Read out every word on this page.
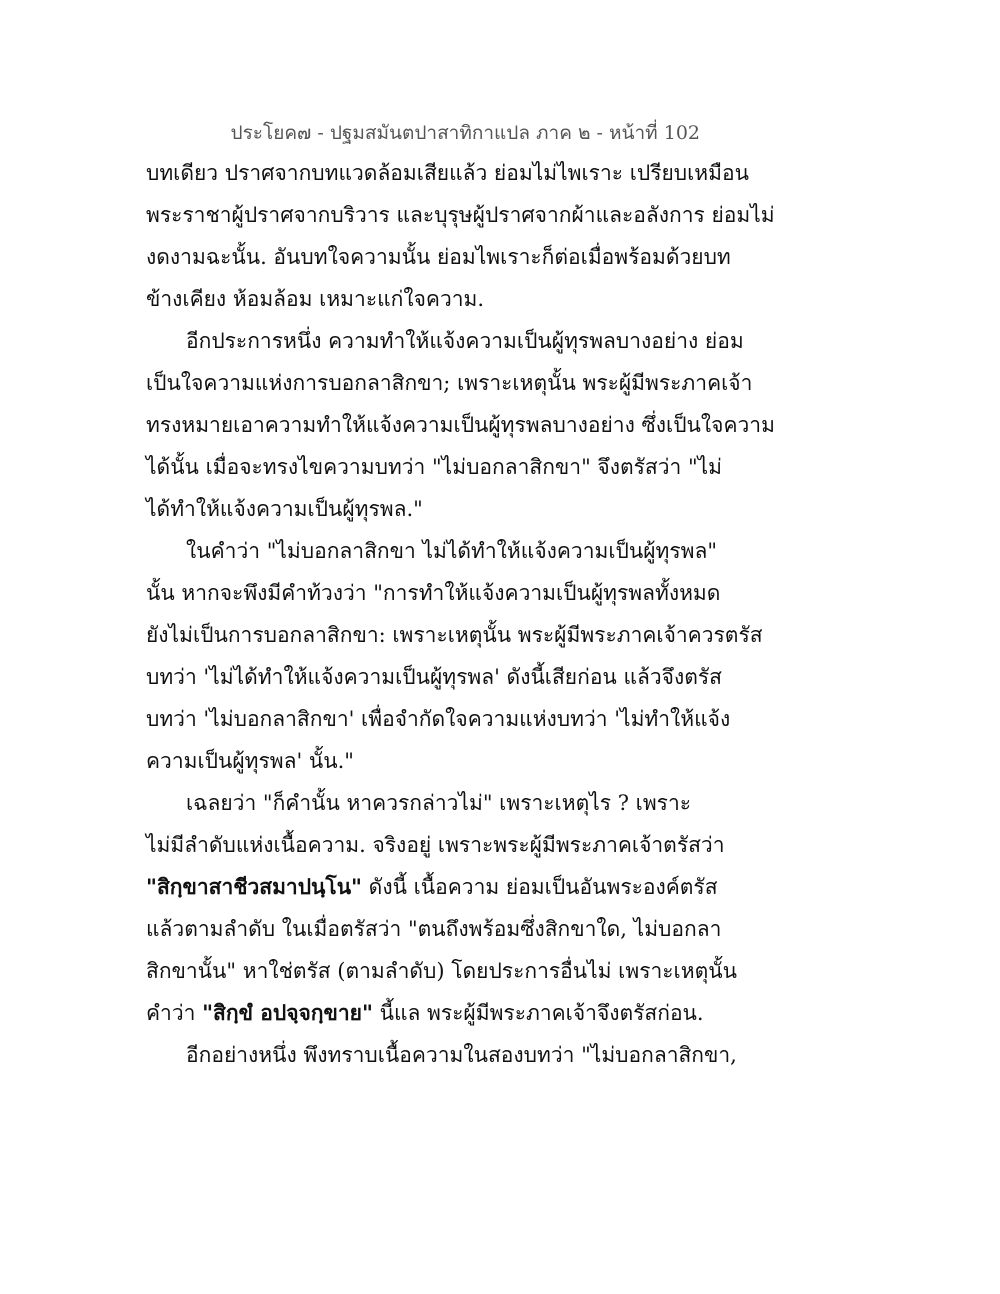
ประโยค๗ - ปฐมสมันตปาสาทิกาแปล ภาค ๒ - หน้าที่ 102
บทเดียว ปราศจากบทแวดล้อมเสียแล้ว ย่อมไม่ไพเราะ เปรียบเหมือน
พระราชาผู้ปราศจากบริวาร และบุรุษผู้ปราศจากผ้าและอลังการ ย่อมไม่
งดงามฉะนั้น. อันบทใจความนั้น ย่อมไพเราะก็ต่อเมื่อพร้อมด้วยบท
ข้างเคียง ห้อมล้อม เหมาะแก่ใจความ.
อีกประการหนึ่ง ความทำให้แจ้งความเป็นผู้ทุรพลบางอย่าง ย่อม
เป็นใจความแห่งการบอกลาสิกขา; เพราะเหตุนั้น พระผู้มีพระภาคเจ้า
ทรงหมายเอาความทำให้แจ้งความเป็นผู้ทุรพลบางอย่าง ซึ่งเป็นใจความ
ได้นั้น เมื่อจะทรงไขความบทว่า "ไม่บอกลาสิกขา" จึงตรัสว่า "ไม่
ได้ทำให้แจ้งความเป็นผู้ทุรพล."
ในคำว่า "ไม่บอกลาสิกขา ไม่ได้ทำให้แจ้งความเป็นผู้ทุรพล"
นั้น หากจะพึงมีคำท้วงว่า "การทำให้แจ้งความเป็นผู้ทุรพลทั้งหมด
ยังไม่เป็นการบอกลาสิกขา: เพราะเหตุนั้น พระผู้มีพระภาคเจ้าควรตรัส
บทว่า 'ไม่ได้ทำให้แจ้งความเป็นผู้ทุรพล' ดังนี้เสียก่อน แล้วจึงตรัส
บทว่า 'ไม่บอกลาสิกขา' เพื่อจำกัดใจความแห่งบทว่า 'ไม่ทำให้แจ้ง
ความเป็นผู้ทุรพล' นั้น."
เฉลยว่า "ก็คำนั้น หาควรกล่าวไม่" เพราะเหตุไร ? เพราะ
ไม่มีลำดับแห่งเนื้อความ. จริงอยู่ เพราะพระผู้มีพระภาคเจ้าตรัสว่า
"สิกฺขาสาชีวสมาปนฺโน" ดังนี้ เนื้อความ ย่อมเป็นอันพระองค์ตรัส
แล้วตามลำดับ ในเมื่อตรัสว่า "ตนถึงพร้อมซึ่งสิกขาใด, ไม่บอกลา
สิกขานั้น" หาใช่ตรัส (ตามลำดับ) โดยประการอื่นไม่ เพราะเหตุนั้น
คำว่า "สิกฺขํ อปจฺจกฺขาย" นี้แล พระผู้มีพระภาคเจ้าจึงตรัสก่อน.
อีกอย่างหนึ่ง พึงทราบเนื้อความในสองบทว่า "ไม่บอกลาสิกขา,
